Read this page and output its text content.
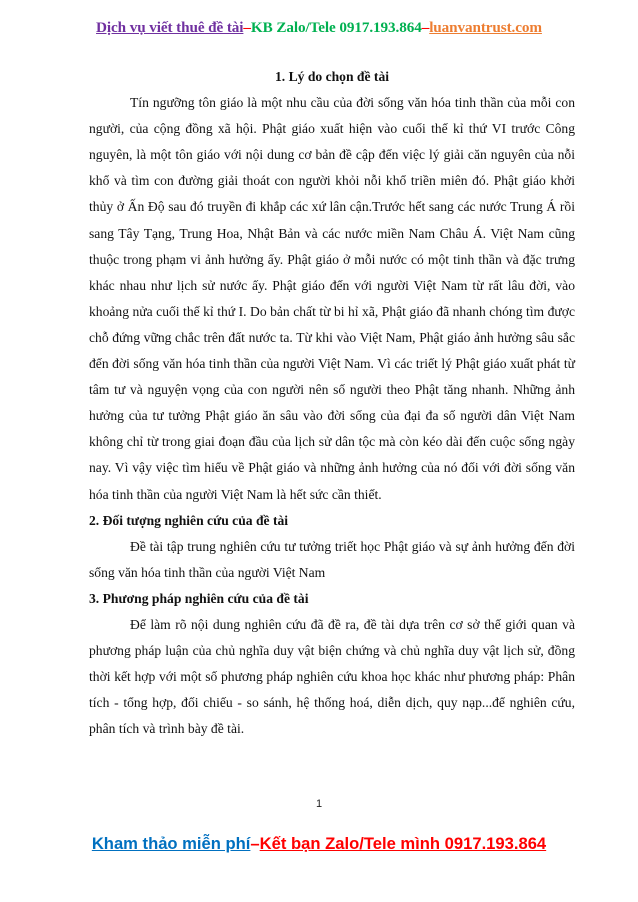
Dịch vụ viết thuê đề tài – KB Zalo/Tele 0917.193.864 – luanvantrust.com

1. Lý do chọn đề tài

Tín ngưỡng tôn giáo là một nhu cầu của đời sống văn hóa tinh thần của mỗi con người, của cộng đồng xã hội. Phật giáo xuất hiện vào cuối thế kỉ thứ VI trước Công nguyên, là một tôn giáo với nội dung cơ bản đề cập đến việc lý giải căn nguyên của nỗi khổ và tìm con đường giải thoát con người khỏi nỗi khổ triền miên đó. Phật giáo khởi thủy ở Ấn Độ sau đó truyền đi khắp các xứ lân cận.Trước hết sang các nước Trung Á rồi sang Tây Tạng, Trung Hoa, Nhật Bản và các nước miền Nam Châu Á. Việt Nam cũng thuộc trong phạm vi ảnh hưởng ấy. Phật giáo ở mỗi nước có một tinh thần và đặc trưng khác nhau như lịch sử nước ấy. Phật giáo đến với người Việt Nam từ rất lâu đời, vào khoảng nửa cuối thế kỉ thứ I. Do bản chất từ bi hỉ xã, Phật giáo đã nhanh chóng tìm được chỗ đứng vững chắc trên đất nước ta. Từ khi vào Việt Nam, Phật giáo ảnh hưởng sâu sắc đến đời sống văn hóa tinh thần của người Việt Nam. Vì các triết lý Phật giáo xuất phát từ tâm tư và nguyện vọng của con người nên số người theo Phật tăng nhanh. Những ảnh hưởng của tư tưởng Phật giáo ăn sâu vào đời sống của đại đa số người dân Việt Nam không chỉ từ trong giai đoạn đầu của lịch sử dân tộc mà còn kéo dài đến cuộc sống ngày nay. Vì vậy việc tìm hiểu về Phật giáo và những ảnh hưởng của nó đối với đời sống văn hóa tinh thần của người Việt Nam là hết sức cần thiết.

2. Đối tượng nghiên cứu của đề tài

Đề tài tập trung nghiên cứu tư tưởng triết học Phật giáo và sự ảnh hưởng đến đời sống văn hóa tinh thần của người Việt Nam

3. Phương pháp nghiên cứu của đề tài

Để làm rõ nội dung nghiên cứu đã đề ra, đề tài dựa trên cơ sở thế giới quan và phương pháp luận của chủ nghĩa duy vật biện chứng và chủ nghĩa duy vật lịch sử, đồng thời kết hợp với một số phương pháp nghiên cứu khoa học khác như phương pháp: Phân tích - tổng hợp, đối chiếu - so sánh, hệ thống hoá, diễn dịch, quy nạp...để nghiên cứu, phân tích và trình bày đề tài.

1
Kham thảo miễn phí – Kết bạn Zalo/Tele mình 0917.193.864
